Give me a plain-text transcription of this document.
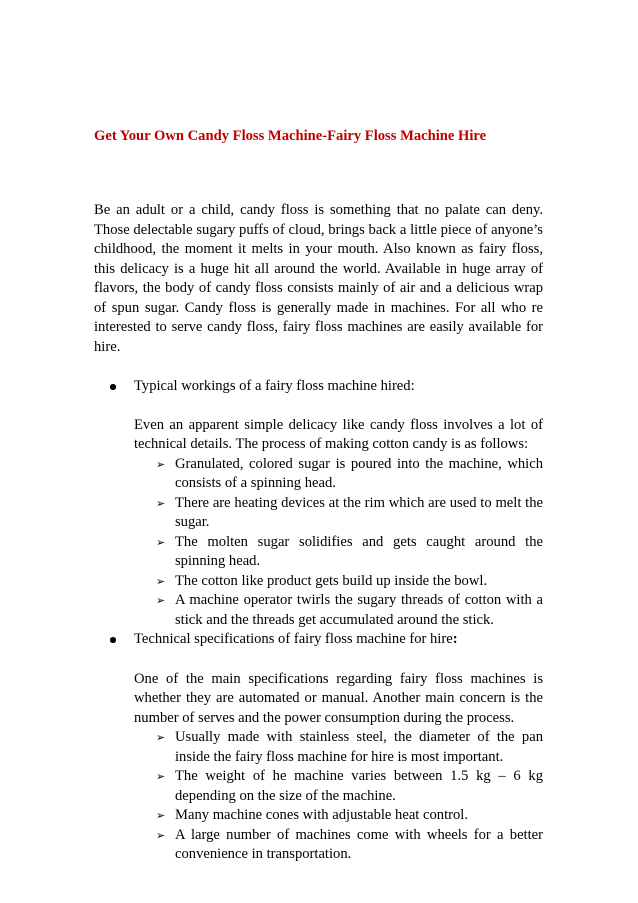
Get Your Own Candy Floss Machine-Fairy Floss Machine Hire

Be an adult or a child, candy floss is something that no palate can deny. Those delectable sugary puffs of cloud, brings back a little piece of anyone’s childhood, the moment it melts in your mouth. Also known as fairy floss, this delicacy is a huge hit all around the world. Available in huge array of flavors, the body of candy floss consists mainly of air and a delicious wrap of spun sugar. Candy floss is generally made in machines. For all who re interested to serve candy floss, fairy floss machines are easily available for hire.

Typical workings of a fairy floss machine hired:

Even an apparent simple delicacy like candy floss involves a lot of technical details. The process of making cotton candy is as follows:

➢ Granulated, colored sugar is poured into the machine, which consists of a spinning head.
➢ There are heating devices at the rim which are used to melt the sugar.
➢ The molten sugar solidifies and gets caught around the spinning head.
➢ The cotton like product gets build up inside the bowl.
➢ A machine operator twirls the sugary threads of cotton with a stick and the threads get accumulated around the stick.
Technical specifications of fairy floss machine for hire:

One of the main specifications regarding fairy floss machines is whether they are automated or manual. Another main concern is the number of serves and the power consumption during the process.

➢ Usually made with stainless steel, the diameter of the pan inside the fairy floss machine for hire is most important.
➢ The weight of he machine varies between 1.5 kg – 6 kg depending on the size of the machine.
➢ Many machine cones with adjustable heat control.
➢ A large number of machines come with wheels for a better convenience in transportation.
